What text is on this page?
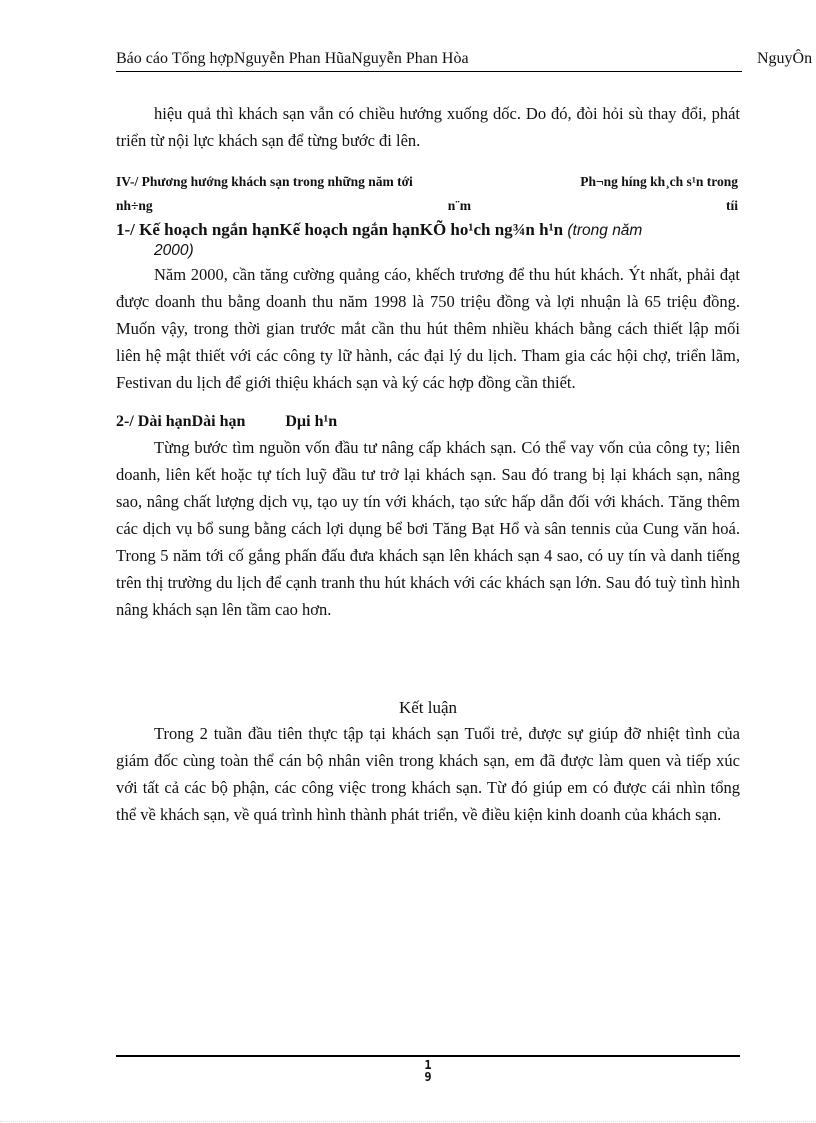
Báo cáo Tổng hợpNguyễn Phan HũaNguyễn Phan Hòa	NguyÔn

hiệu quả thì khách sạn vẫn có chiều hướng xuống dốc. Do đó, đòi hỏi sù thay đổi, phát triển từ nội lực khách sạn để từng bước đi lên.

IV-/ Phương hướng khách sạn trong những năm tới	Ph¬ng híng kh¸ch s¹n trong
nh÷ng	n¨m	tíi
1-/ Kế hoạch ngắn hạnKế hoạch ngắn hạnKÕ ho¹ch ng¾n h¹n (trong năm
2000)

Năm 2000, cần tăng cường quảng cáo, khếch trương để thu hút khách. Ýt nhất, phải đạt được doanh thu bằng doanh thu năm 1998 là 750 triệu đồng và lợi nhuận là 65 triệu đồng. Muốn vậy, trong thời gian trước mắt cần thu hút thêm nhiều khách bằng cách thiết lập mối liên hệ mật thiết với các công ty lữ hành, các đại lý du lịch. Tham gia các hội chợ, triển lãm, Festivan du lịch để giới thiệu khách sạn và ký các hợp đồng cần thiết.

2-/ Dài hạnDài hạn          Dµi h¹n

Từng bước tìm nguồn vốn đầu tư nâng cấp khách sạn. Có thể vay vốn của công ty; liên doanh, liên kết hoặc tự tích luỹ đầu tư trở lại khách sạn. Sau đó trang bị lại khách sạn, nâng sao, nâng chất lượng dịch vụ, tạo uy tín với khách, tạo sức hấp dẫn đối với khách. Tăng thêm các dịch vụ bổ sung bằng cách lợi dụng bể bơi Tăng Bạt Hổ và sân tennis của Cung văn hoá. Trong 5 năm tới cố gắng phấn đấu đưa khách sạn lên khách sạn 4 sao, có uy tín và danh tiếng trên thị trường du lịch để cạnh tranh thu hút khách với các khách sạn lớn. Sau đó tuỳ tình hình nâng khách sạn lên tầm cao hơn.

Kết luận

Trong 2 tuần đầu tiên thực tập tại khách sạn Tuổi trẻ, được sự giúp đỡ nhiệt tình của giám đốc cùng toàn thể cán bộ nhân viên trong khách sạn, em đã được làm quen và tiếp xúc với tất cả các bộ phận, các công việc trong khách sạn. Từ đó giúp em có được cái nhìn tổng thể về khách sạn, về quá trình hình thành phát triển, về điều kiện kinh doanh của khách sạn.

1
9
